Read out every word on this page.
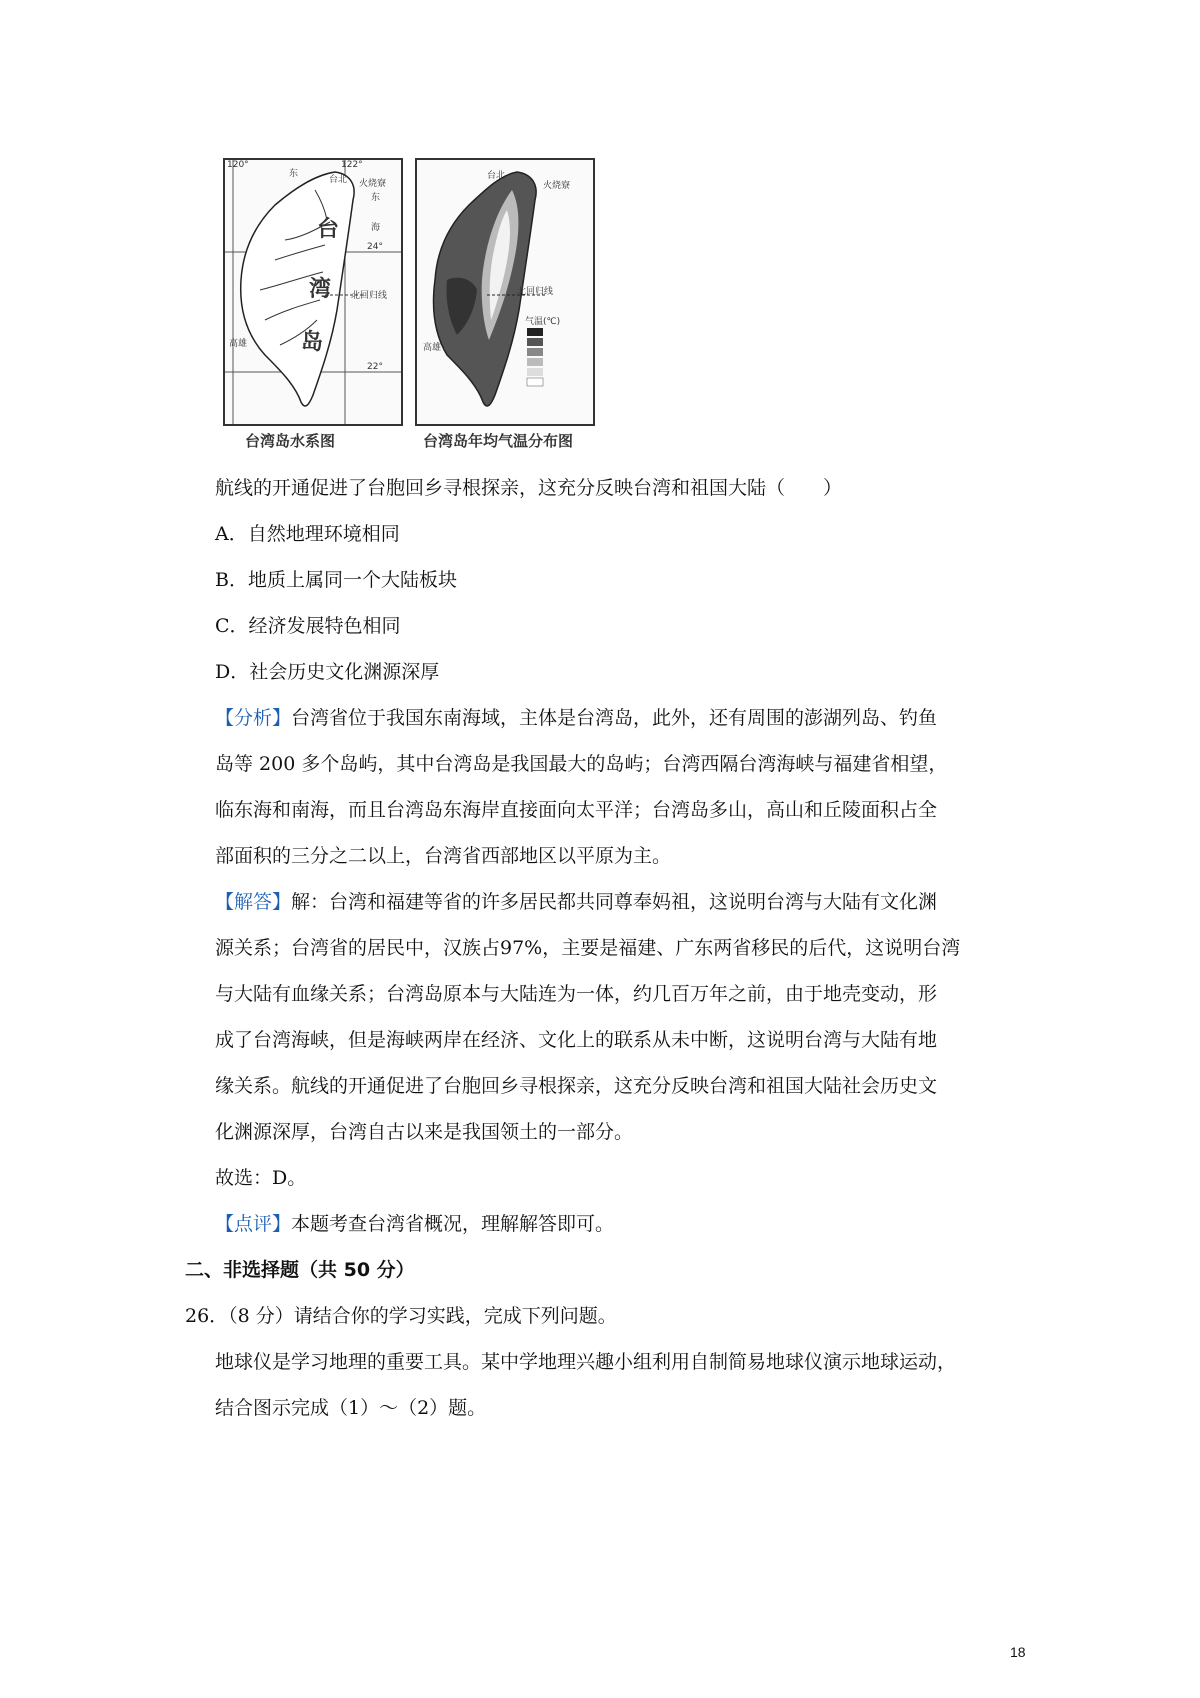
120°	122°
24°
22°
东
东
海
台北 火烧寮
台
湾
岛
北回归线
高雄
台北
火烧寮
北回归线
气温(℃)
高雄
台湾岛水系图	台湾岛年均气温分布图
航线的开通促进了台胞回乡寻根探亲，这充分反映台湾和祖国大陆（　　）
A．自然地理环境相同
B．地质上属同一个大陆板块
C．经济发展特色相同
D．社会历史文化渊源深厚
【分析】台湾省位于我国东南海域，主体是台湾岛，此外，还有周围的澎湖列岛、钓鱼
岛等 200 多个岛屿，其中台湾岛是我国最大的岛屿；台湾西隔台湾海峡与福建省相望，
临东海和南海，而且台湾岛东海岸直接面向太平洋；台湾岛多山，高山和丘陵面积占全
部面积的三分之二以上，台湾省西部地区以平原为主。
【解答】解：台湾和福建等省的许多居民都共同尊奉妈祖，这说明台湾与大陆有文化渊
源关系；台湾省的居民中，汉族占97%，主要是福建、广东两省移民的后代，这说明台湾
与大陆有血缘关系；台湾岛原本与大陆连为一体，约几百万年之前，由于地壳变动，形
成了台湾海峡，但是海峡两岸在经济、文化上的联系从未中断，这说明台湾与大陆有地
缘关系。航线的开通促进了台胞回乡寻根探亲，这充分反映台湾和祖国大陆社会历史文
化渊源深厚，台湾自古以来是我国领土的一部分。
故选：D。
【点评】本题考查台湾省概况，理解解答即可。
二、非选择题（共 50 分）
26．（8 分）请结合你的学习实践，完成下列问题。
地球仪是学习地理的重要工具。某中学地理兴趣小组利用自制简易地球仪演示地球运动，
结合图示完成（1）～（2）题。
18
